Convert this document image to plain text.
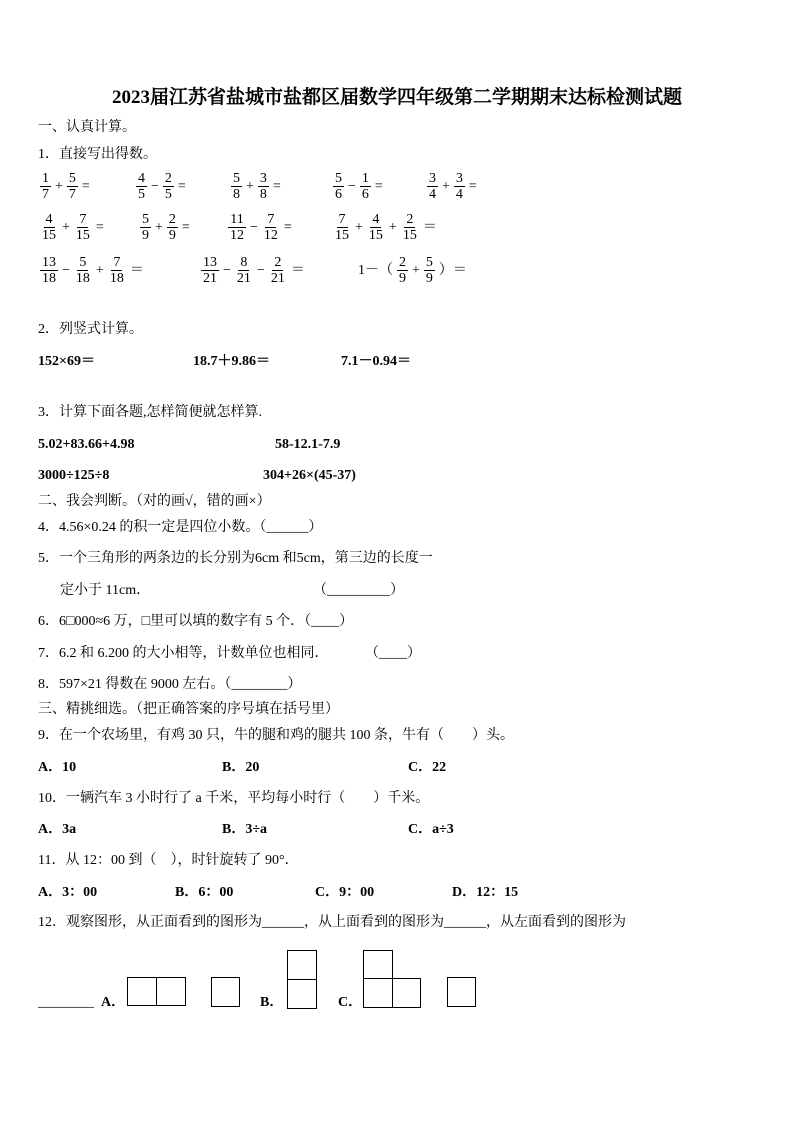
2023届江苏省盐城市盐都区届数学四年级第二学期期末达标检测试题
一、认真计算。
1．直接写出得数。
$\frac{1}{7} + \frac{5}{7}$ =	$\frac{4}{5} - \frac{2}{5}$ =	$\frac{5}{8} + \frac{3}{8}$ =	$\frac{5}{6} - \frac{1}{6}$ =	$\frac{3}{4} + \frac{3}{4}$ =
$\frac{4}{15} + \frac{7}{15}$ =	$\frac{5}{9} + \frac{2}{9}$ =	$\frac{11}{12} - \frac{7}{12}$ =	$\frac{7}{15} + \frac{4}{15} + \frac{2}{15}$ ＝
$\frac{13}{18} - \frac{5}{18} + \frac{7}{18}$ ＝	$\frac{13}{21} - \frac{8}{21} - \frac{2}{21}$ ＝	$1-( \frac{2}{9} + \frac{5}{9}$ ）＝
2．列竖式计算。
152×69＝	18.7＋9.86＝	7.1－0.94＝
3．计算下面各题,怎样简便就怎样算.
5.02+83.66+4.98	58-12.1-7.9
3000÷125÷8	304+26×(45-37)
二、我会判断。（对的画√，错的画×）
4．4.56×0.24 的积一定是四位小数。（______）
5．一个三角形的两条边的长分别为6cm 和5cm，第三边的长度一
定小于 11cm．	（_________）
6．6□000≈6 万，□里可以填的数字有 5 个．（____）
7．6.2 和 6.200 的大小相等，计数单位也相同．	（____）
8．597×21 得数在 9000 左右。（________）
三、精挑细选。（把正确答案的序号填在括号里）
9．在一个农场里，有鸡 30 只，牛的腿和鸡的腿共 100 条，牛有（　　）头。
A．10	B．20	C．22
10．一辆汽车 3 小时行了 a 千米，平均每小时行（　　）千米。
A．3a	B．3÷a	C．a÷3
11．从 12：00 到（　），时针旋转了 90°．
A．3：00	B．6：00	C．9：00	D．12：15
12．观察图形，从正面看到的图形为______，从上面看到的图形为______，从左面看到的图形为
________ A．	B．	C．
